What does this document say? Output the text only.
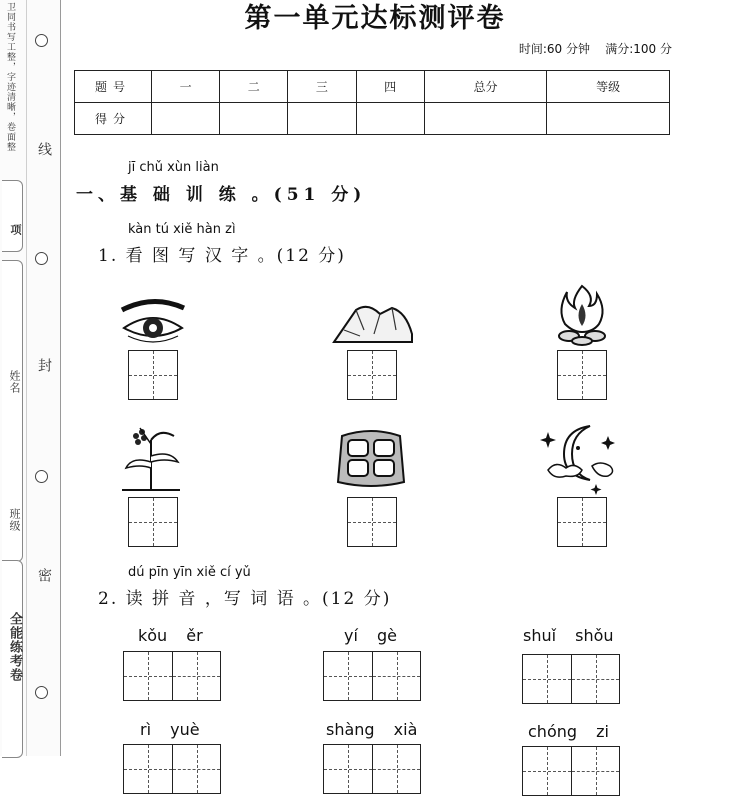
卫同书写工整，字迹清晰，卷面整
项
姓名
班级
全能练考卷
线
封
密
第一单元达标测评卷
时间:60 分钟 满分:100 分
题号	一	二	三	四	总分	等级
得分						
jī chǔ xùn liàn
一、基 础 训 练 。(51 分)
kàn tú xiě hàn zì
1. 看 图 写 汉 字 。(12 分)
dú pīn yīn xiě cí yǔ
2. 读 拼 音 ，写 词 语 。(12 分)
kǒu ěr	yí gè	shuǐ shǒu
rì yuè	shàng xià	chóng zi
